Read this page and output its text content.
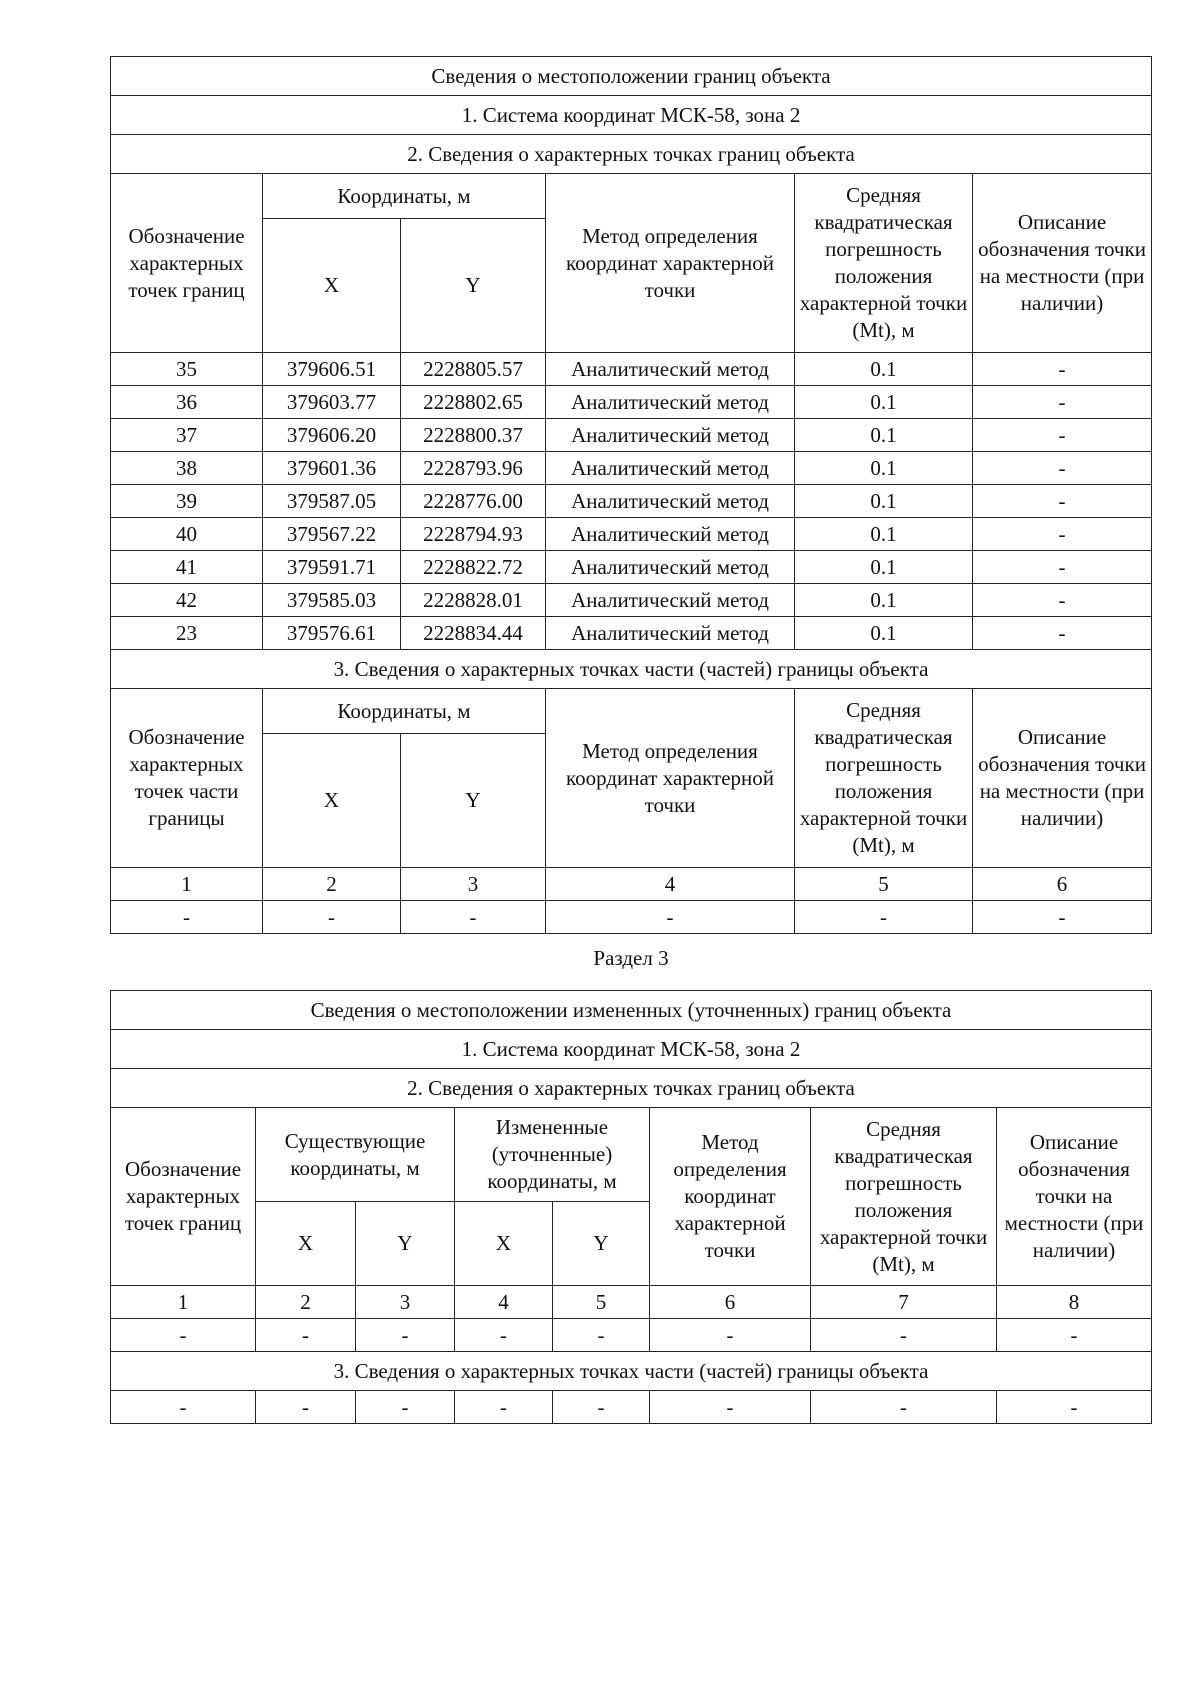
Сведения о местоположении границ объекта					
1. Система координат МСК-58, зона 2					
2. Сведения о характерных точках границ объекта					
Обозначение характерных точек границ	Координаты, м		Метод определения координат характерной точки	Средняя квадратическая погрешность положения характерной точки (Mt), м	Описание обозначения точки на местности (при наличии)
	X	Y			
35	379606.51	2228805.57	Аналитический метод	0.1	-
36	379603.77	2228802.65	Аналитический метод	0.1	-
37	379606.20	2228800.37	Аналитический метод	0.1	-
38	379601.36	2228793.96	Аналитический метод	0.1	-
39	379587.05	2228776.00	Аналитический метод	0.1	-
40	379567.22	2228794.93	Аналитический метод	0.1	-
41	379591.71	2228822.72	Аналитический метод	0.1	-
42	379585.03	2228828.01	Аналитический метод	0.1	-
23	379576.61	2228834.44	Аналитический метод	0.1	-
3. Сведения о характерных точках части (частей) границы объекта					
Обозначение характерных точек части границы	Координаты, м		Метод определения координат характерной точки	Средняя квадратическая погрешность положения характерной точки (Mt), м	Описание обозначения точки на местности (при наличии)
	X	Y			
1	2	3	4	5	6
-	-	-	-	-	-
Раздел 3
Сведения о местоположении измененных (уточненных) границ объекта							
1. Система координат МСК-58, зона 2							
2. Сведения о характерных точках границ объекта							
Обозначение характерных точек границ	Существующие координаты, м		Измененные (уточненные) координаты, м		Метод определения координат характерной точки	Средняя квадратическая погрешность положения характерной точки (Mt), м	Описание обозначения точки на местности (при наличии)
	X	Y	X	Y			
1	2	3	4	5	6	7	8
-	-	-	-	-	-	-	-
3. Сведения о характерных точках части (частей) границы объекта							
-	-	-	-	-	-	-	-
